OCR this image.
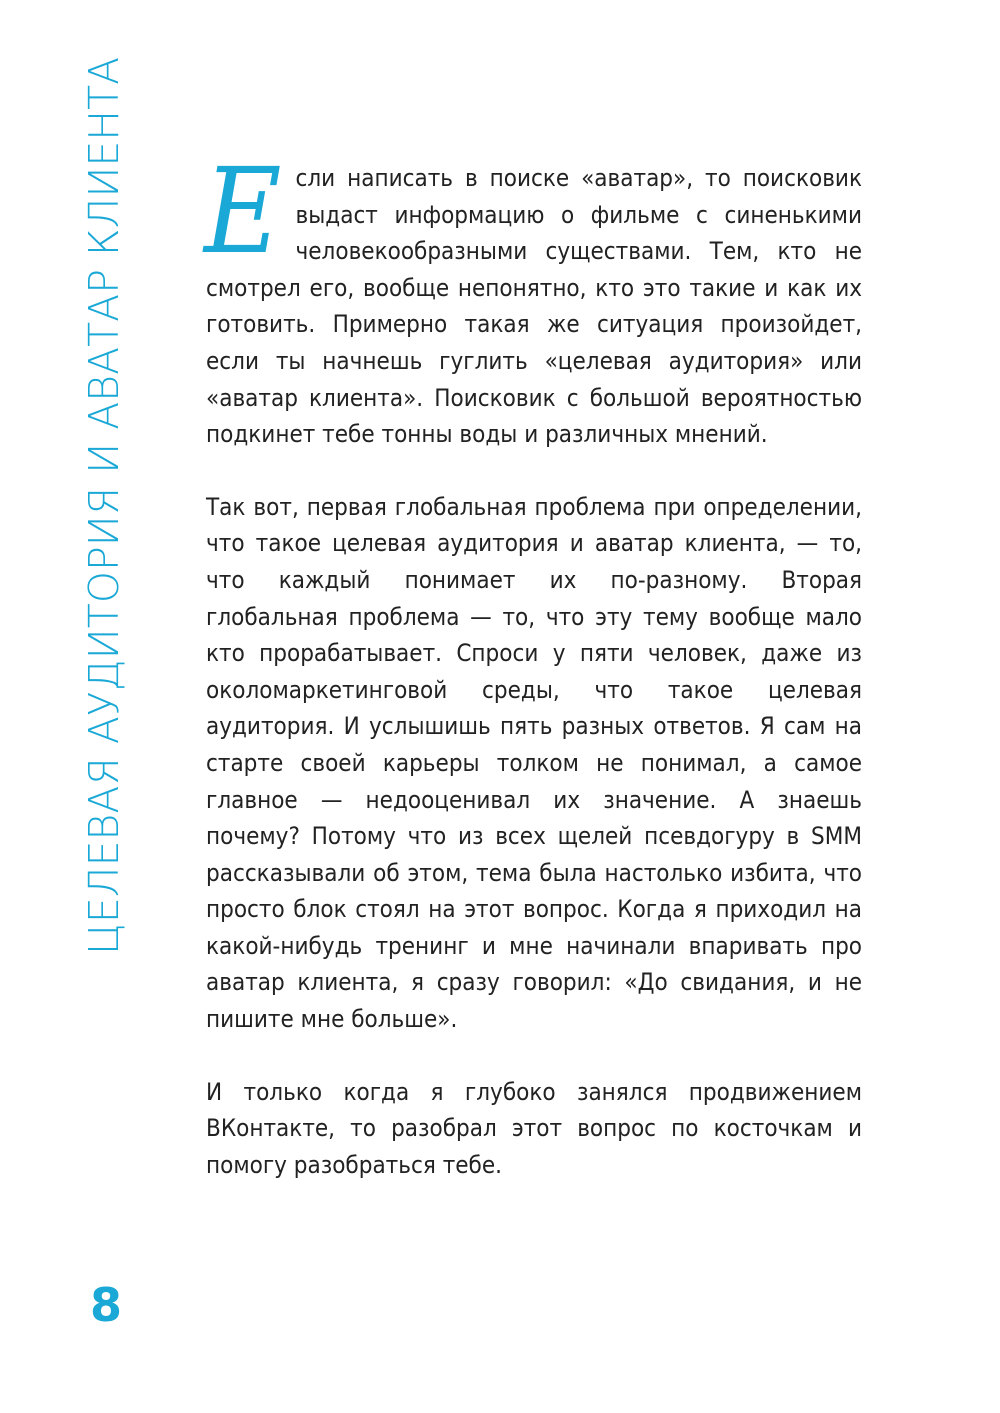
ЦЕЛЕВАЯ АУДИТОРИЯ И АВАТАР КЛИЕНТА Если написать в поиске «аватар», то поисковик выдаст информацию о фильме с синенькими человекообразными существами. Тем, кто не смотрел его, вообще непонятно, кто это такие и как их готовить. Примерно такая же ситуация произойдет, если ты начнешь гуглить «целевая аудитория» или «аватар клиента». Поисковик с большой вероятностью подкинет тебе тонны воды и различных мнений.

Так вот, первая глобальная проблема при определении, что такое целевая аудитория и аватар клиента, — то, что каждый понимает их по-разному. Вторая глобальная проблема — то, что эту тему вообще мало кто прорабатывает. Спроси у пяти человек, даже из околомаркетинговой среды, что такое целевая аудитория. И услышишь пять разных ответов. Я сам на старте своей карьеры толком не понимал, а самое главное — недооценивал их значение. А знаешь почему? Потому что из всех щелей псевдогуру в SMM рассказывали об этом, тема была настолько избита, что просто блок стоял на этот вопрос. Когда я приходил на какой-нибудь тренинг и мне начинали впаривать про аватар клиента, я сразу говорил: «До свидания, и не пишите мне больше».

И только когда я глубоко занялся продвижением ВКонтакте, то разобрал этот вопрос по косточкам и помогу разобраться тебе.

8
